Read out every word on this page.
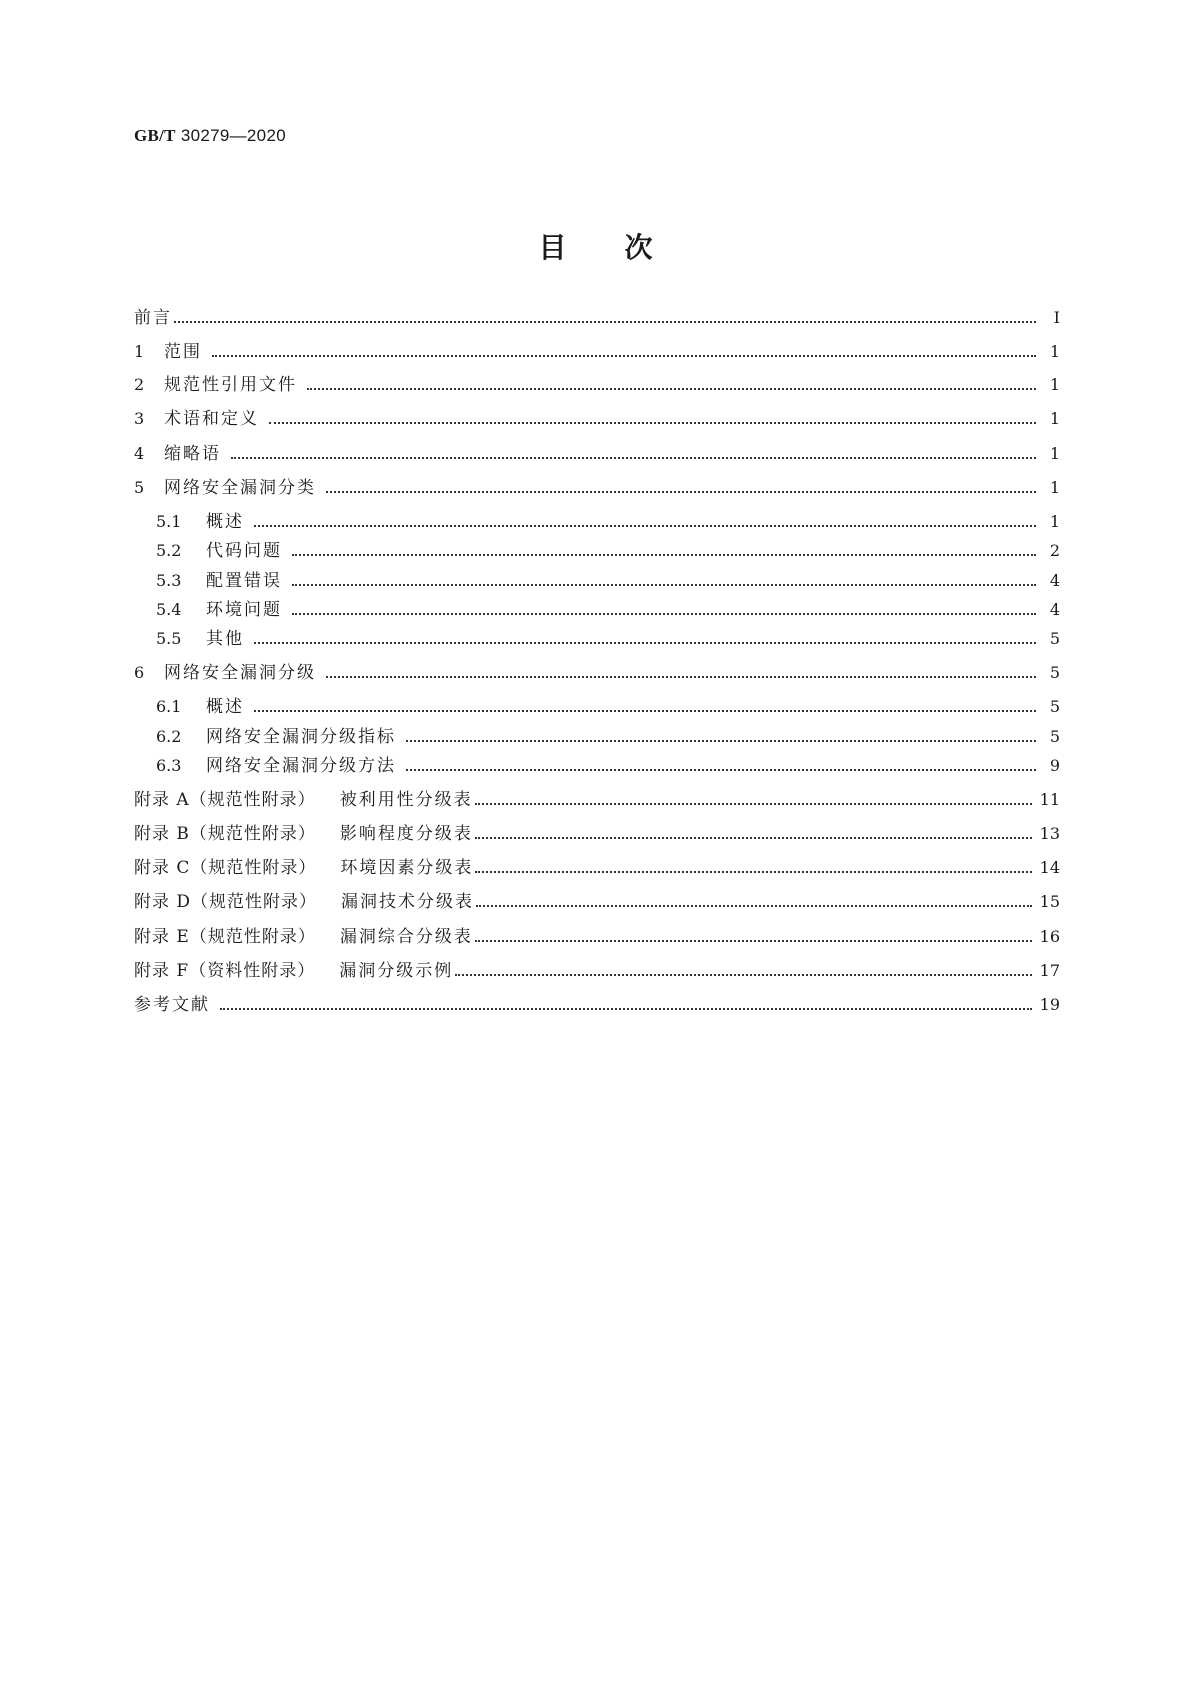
GB/T 30279—2020
目次
前言	Ⅰ
1	范围	1
2	规范性引用文件	1
3	术语和定义	1
4	缩略语	1
5	网络安全漏洞分类	1
5.1	概述	1
5.2	代码问题	2
5.3	配置错误	4
5.4	环境问题	4
5.5	其他	5
6	网络安全漏洞分级	5
6.1	概述	5
6.2	网络安全漏洞分级指标	5
6.3	网络安全漏洞分级方法	9
附录 A（规范性附录） 被利用性分级表	11
附录 B（规范性附录） 影响程度分级表	13
附录 C（规范性附录） 环境因素分级表	14
附录 D（规范性附录） 漏洞技术分级表	15
附录 E（规范性附录） 漏洞综合分级表	16
附录 F（资料性附录） 漏洞分级示例	17
参考文献	19
